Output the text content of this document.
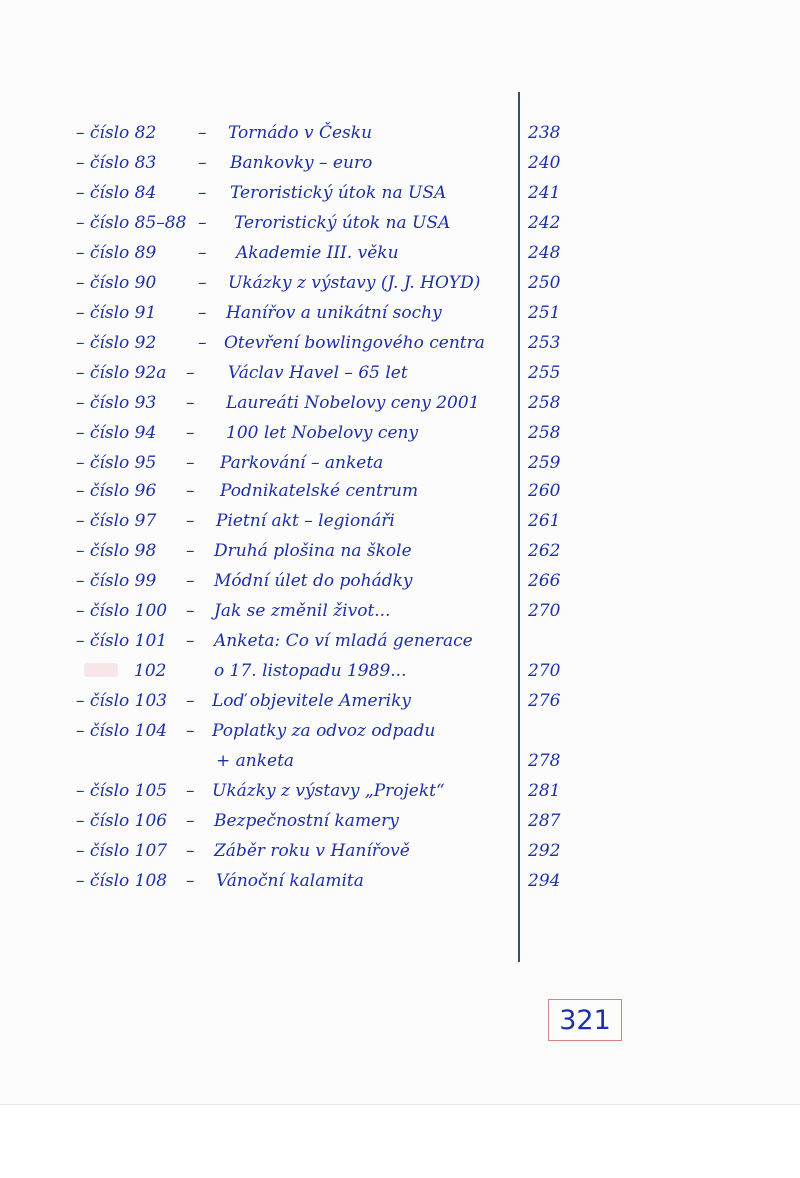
– číslo 82 – Tornádo v Česku	238
– číslo 83 – Bankovky – euro	240
– číslo 84 – Teroristický útok na USA	241
– číslo 85–88 – Teroristický útok na USA	242
– číslo 89 – Akademie III. věku	248
– číslo 90 – Ukázky z výstavy (J. J. HOYD)	250
– číslo 91 – Hanířov a unikátní sochy	251
– číslo 92 – Otevření bowlingového centra	253
– číslo 92a – Václav Havel – 65 let	255
– číslo 93 – Laureáti Nobelovy ceny 2001	258
– číslo 94 – 100 let Nobelovy ceny	258
– číslo 95 – Parkování – anketa	259
– číslo 96 – Podnikatelské centrum	260
– číslo 97 – Pietní akt – legionáři	261
– číslo 98 – Druhá plošina na škole	262
– číslo 99 – Módní úlet do pohádky	266
– číslo 100 – Jak se změnil život...	270
– číslo 101 – Anketa: Co ví mladá generace
102	o 17. listopadu 1989...	270
– číslo 103 – Loď objevitele Ameriky	276
– číslo 104 – Poplatky za odvoz odpadu
+ anketa	278
– číslo 105 – Ukázky z výstavy „Projekt“	281
– číslo 106 – Bezpečnostní kamery	287
– číslo 107 – Záběr roku v Hanířově	292
– číslo 108 – Vánoční kalamita	294
321
